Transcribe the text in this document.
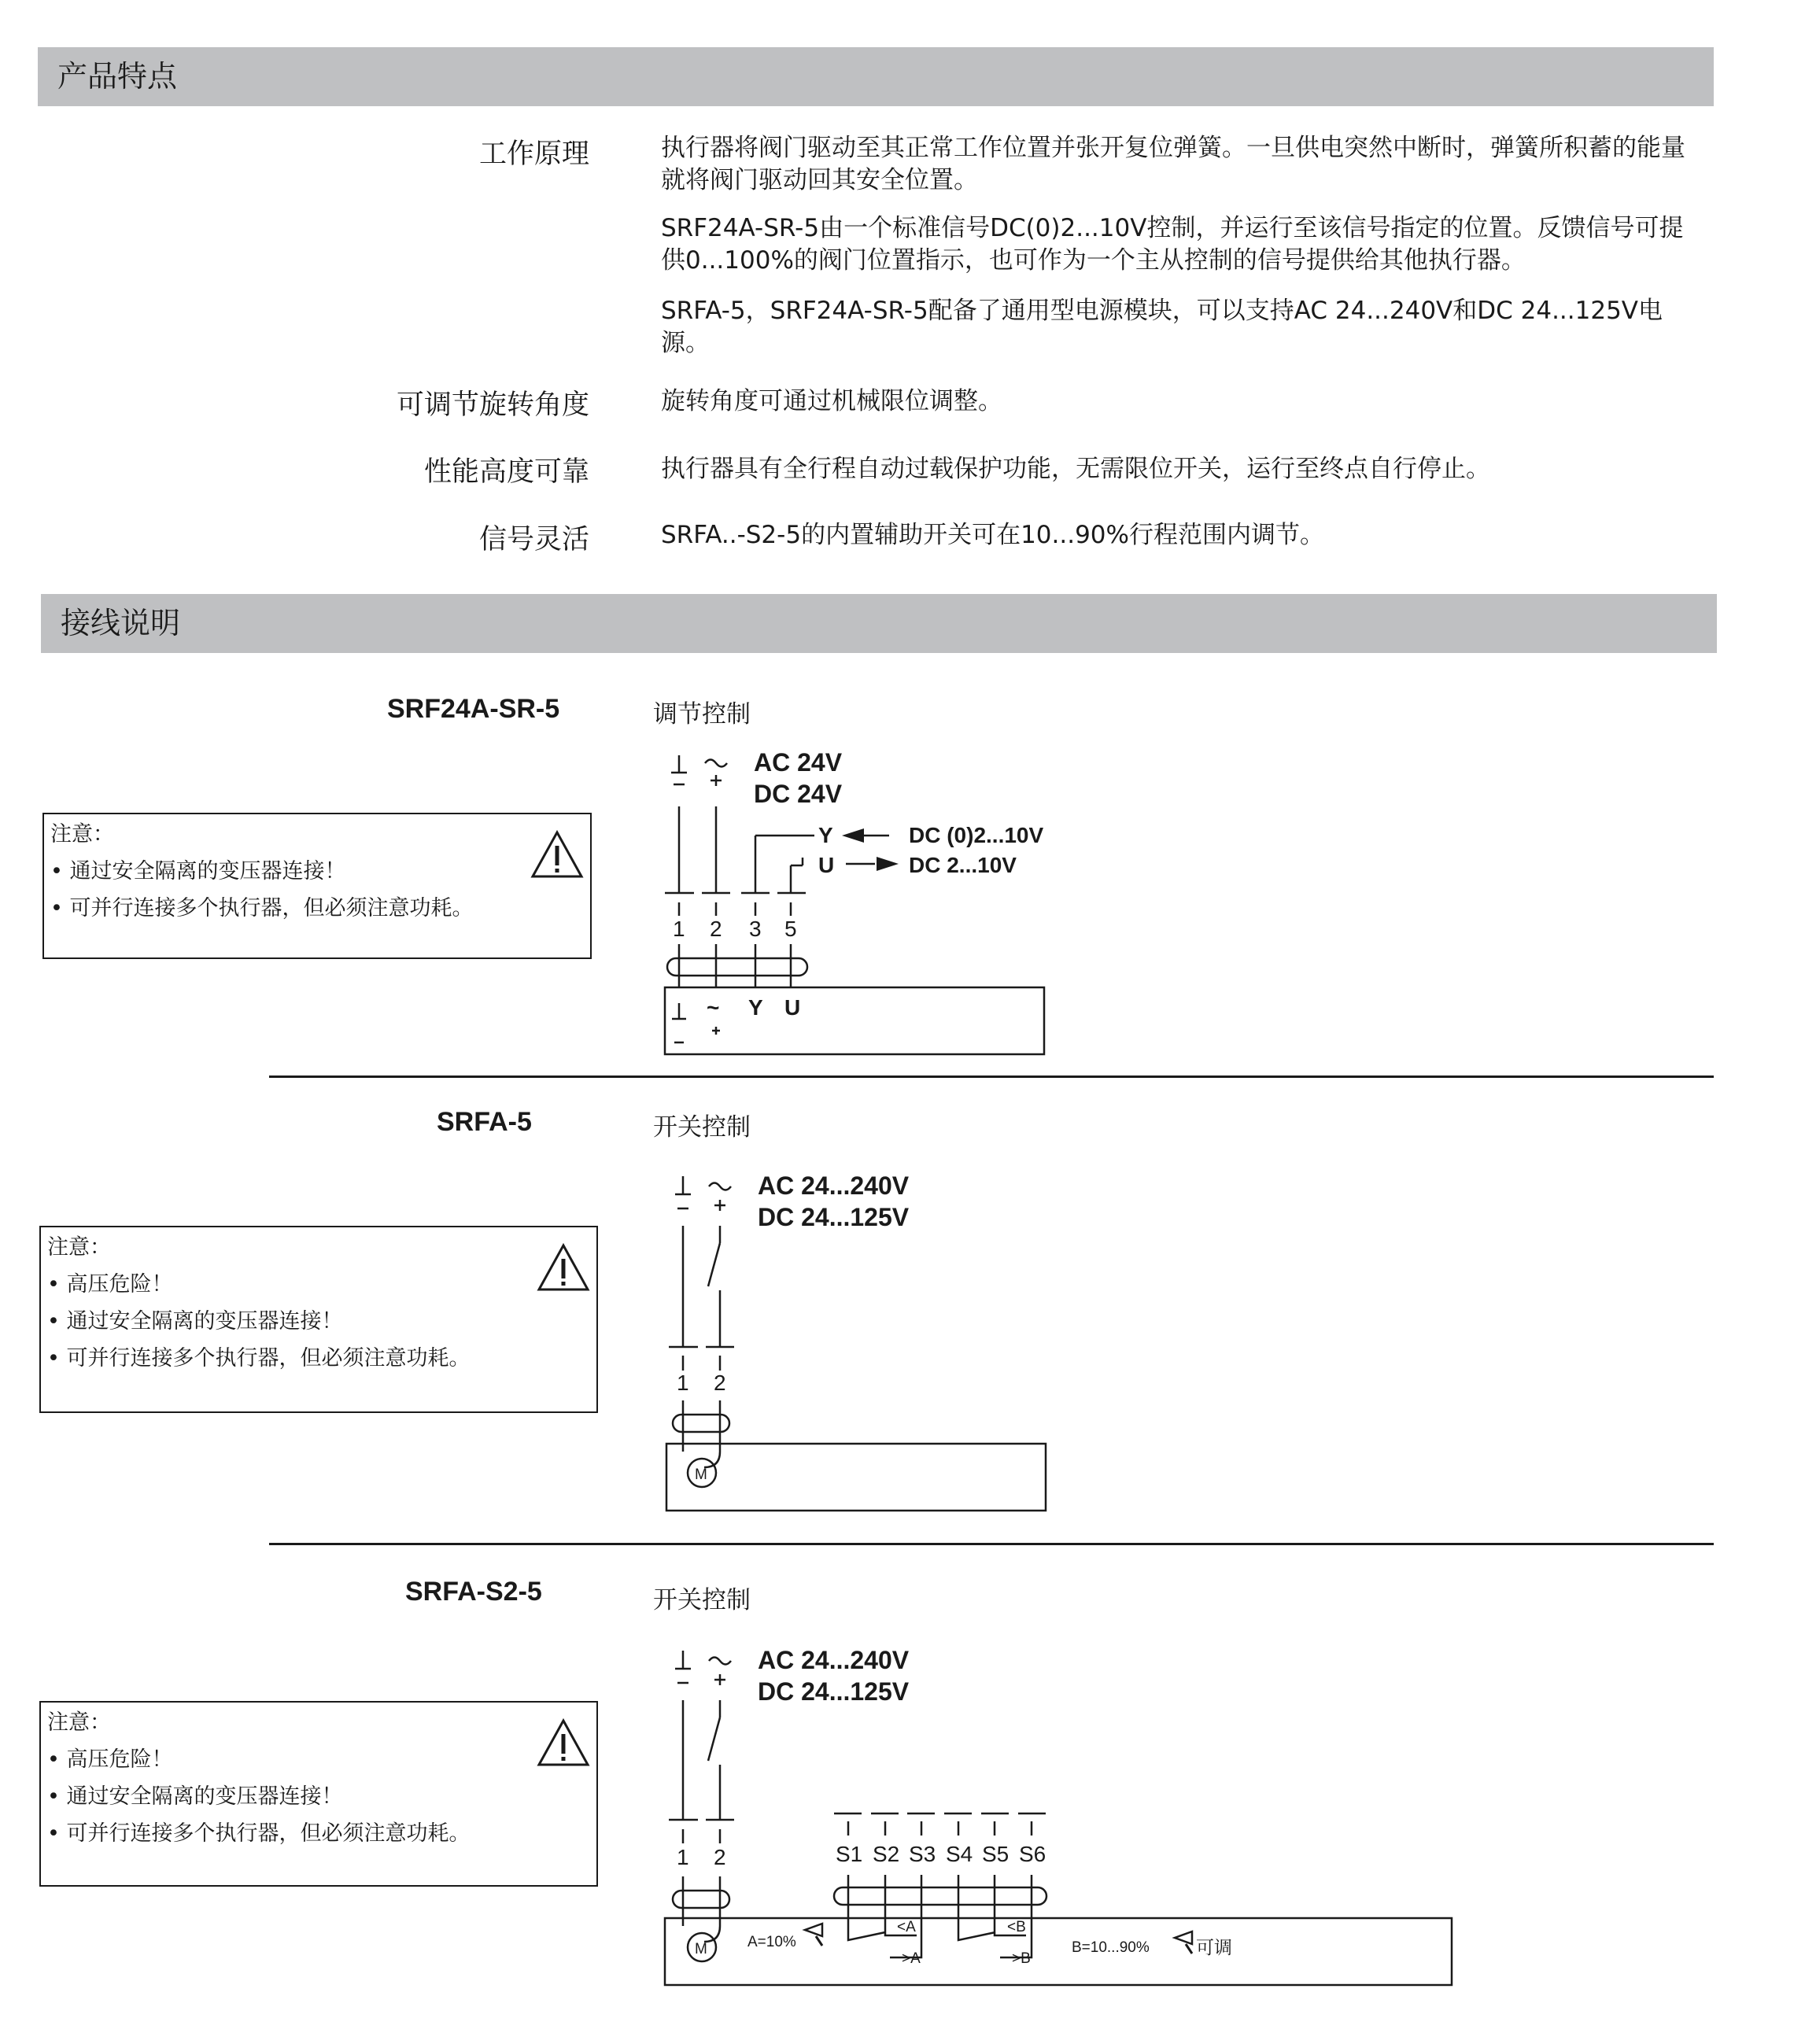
产品特点
工作原理	执行器将阀门驱动至其正常工作位置并张开复位弹簧。一旦供电突然中断时，弹簧所积蓄的能量就将阀门驱动回其安全位置。
SRF24A-SR-5由一个标准信号DC(0)2...10V控制，并运行至该信号指定的位置。反馈信号可提供0...100%的阀门位置指示，也可作为一个主从控制的信号提供给其他执行器。
SRFA-5，SRF24A-SR-5配备了通用型电源模块，可以支持AC 24...240V和DC 24...125V电源。
可调节旋转角度	旋转角度可通过机械限位调整。
性能高度可靠	执行器具有全行程自动过载保护功能，无需限位开关，运行至终点自行停止。
信号灵活	SRFA..-S2-5的内置辅助开关可在10...90%行程范围内调节。
接线说明
SRF24A-SR-5	调节控制
注意：
• 通过安全隔离的变压器连接！
• 可并行连接多个执行器，但必须注意功耗。
AC 24V
DC 24V
Y	DC (0)2...10V
U	DC 2...10V
1 2 3 5
~ Y U
SRFA-5	开关控制
注意：
• 高压危险！
• 通过安全隔离的变压器连接！
• 可并行连接多个执行器，但必须注意功耗。
M
AC 24...240V
DC 24...125V
1 2
SRFA-S2-5	开关控制
注意：
• 高压危险！
• 通过安全隔离的变压器连接！
• 可并行连接多个执行器，但必须注意功耗。
M
AC 24...240V
DC 24...125V
1 2	S1 S2 S3 S4 S5 S6
A=10%
<A
>A
<B
>B
B=10...90%	可调
